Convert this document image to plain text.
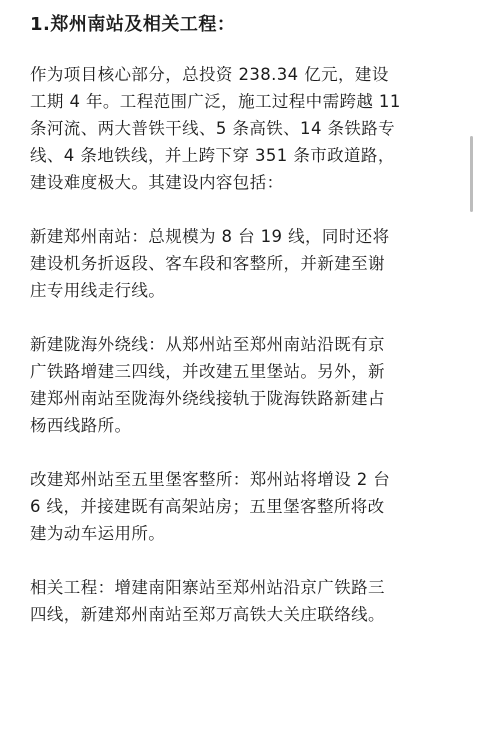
1.郑州南站及相关工程：
作为项目核心部分，总投资 238.34 亿元，建设
工期 4 年。工程范围广泛，施工过程中需跨越 11
条河流、两大普铁干线、5 条高铁、14 条铁路专
线、4 条地铁线，并上跨下穿 351 条市政道路，
建设难度极大。其建设内容包括：
新建郑州南站：总规模为 8 台 19 线，同时还将
建设机务折返段、客车段和客整所，并新建至谢
庄专用线走行线。
新建陇海外绕线：从郑州站至郑州南站沿既有京
广铁路增建三四线，并改建五里堡站。另外，新
建郑州南站至陇海外绕线接轨于陇海铁路新建占
杨西线路所。
改建郑州站至五里堡客整所：郑州站将增设 2 台
6 线，并接建既有高架站房；五里堡客整所将改
建为动车运用所。
相关工程：增建南阳寨站至郑州站沿京广铁路三
四线，新建郑州南站至郑万高铁大关庄联络线。
